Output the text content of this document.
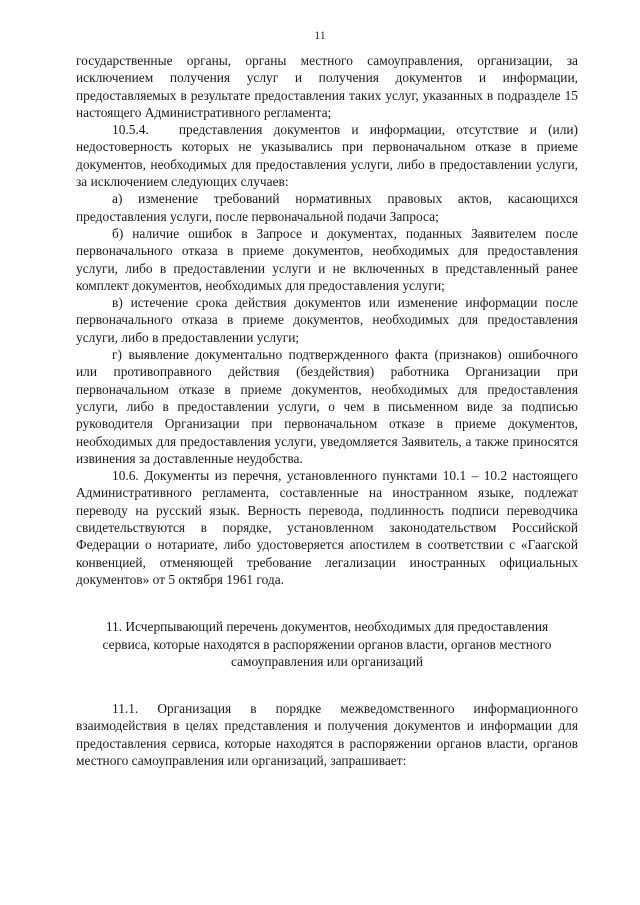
11

государственные органы, органы местного самоуправления, организации, за исключением получения услуг и получения документов и информации, предоставляемых в результате предоставления таких услуг, указанных в подразделе 15 настоящего Административного регламента;

10.5.4. представления документов и информации, отсутствие и (или) недостоверность которых не указывались при первоначальном отказе в приеме документов, необходимых для предоставления услуги, либо в предоставлении услуги, за исключением следующих случаев:

а) изменение требований нормативных правовых актов, касающихся предоставления услуги, после первоначальной подачи Запроса;

б) наличие ошибок в Запросе и документах, поданных Заявителем после первоначального отказа в приеме документов, необходимых для предоставления услуги, либо в предоставлении услуги и не включенных в представленный ранее комплект документов, необходимых для предоставления услуги;

в) истечение срока действия документов или изменение информации после первоначального отказа в приеме документов, необходимых для предоставления услуги, либо в предоставлении услуги;

г) выявление документально подтвержденного факта (признаков) ошибочного или противоправного действия (бездействия) работника Организации при первоначальном отказе в приеме документов, необходимых для предоставления услуги, либо в предоставлении услуги, о чем в письменном виде за подписью руководителя Организации при первоначальном отказе в приеме документов, необходимых для предоставления услуги, уведомляется Заявитель, а также приносятся извинения за доставленные неудобства.

10.6. Документы из перечня, установленного пунктами 10.1 – 10.2 настоящего Административного регламента, составленные на иностранном языке, подлежат переводу на русский язык. Верность перевода, подлинность подписи переводчика свидетельствуются в порядке, установленном законодательством Российской Федерации о нотариате, либо удостоверяется апостилем в соответствии с «Гаагской конвенцией, отменяющей требование легализации иностранных официальных документов» от 5 октября 1961 года.

11. Исчерпывающий перечень документов, необходимых для предоставления сервиса, которые находятся в распоряжении органов власти, органов местного самоуправления или организаций

11.1. Организация в порядке межведомственного информационного взаимодействия в целях представления и получения документов и информации для предоставления сервиса, которые находятся в распоряжении органов власти, органов местного самоуправления или организаций, запрашивает:
